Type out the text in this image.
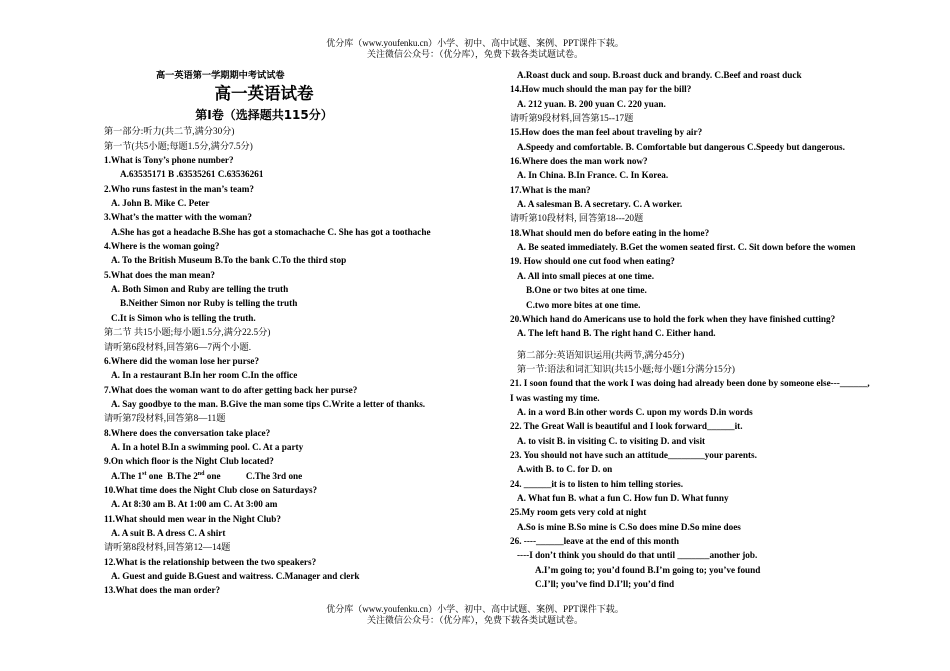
优分库（www.youfenku.cn）小学、初中、高中试题、案例、PPT课件下载。
关注微信公众号：（优分库），免费下载各类试题试卷。
高一英语第一学期期中考试试卷
高一英语试卷
第Ⅰ卷（选择题共115分）
第一部分:听力(共二节,满分30分)
第一节(共5小题;每题1.5分,满分7.5分)
1.What is Tony’s phone number?
A.63535171 B .63535261 C.63536261
2.Who runs fastest in the man’s team?
A. John B. Mike C. Peter
3.What’s the matter with the woman?
A.She has got a headache B.She has got a stomachache C. She has got a toothache
4.Where is the woman going?
A. To the British Museum B.To the bank C.To the third stop
5.What does the man mean?
A. Both Simon and Ruby are telling the truth
B.Neither Simon nor Ruby is telling the truth
C.It is Simon who is telling the truth.
第二节 共15小题;每小题1.5分,满分22.5分)
请听第6段材料,回答第6—7两个小题.
6.Where did the woman lose her purse?
A. In a restaurant B.In her room C.In the office
7.What does the woman want to do after getting back her purse?
A. Say goodbye to the man. B.Give the man some tips C.Write a letter of thanks.
请听第7段材料,回答第8—11题
8.Where does the conversation take place?
A. In a hotel B.In a swimming pool. C. At a party
9.On which floor is the Night Club located?
A.The 1st one  B.The 2nd one           C.The 3rd one
10.What time does the Night Club close on Saturdays?
A. At 8:30 am B. At 1:00 am C. At 3:00 am
11.What should men wear in the Night Club?
A. A suit B. A dress C. A shirt
请听第8段材料,回答第12—14题
12.What is the relationship between the two speakers?
A. Guest and guide B.Guest and waitress. C.Manager and clerk
13.What does the man order?
A.Roast duck and soup. B.roast duck and brandy. C.Beef and roast duck
14.How much should the man pay for the bill?
A. 212 yuan. B. 200 yuan C. 220 yuan.
请听第9段材料,回答第15--17题
15.How does the man feel about traveling by air?
A.Speedy and comfortable. B. Comfortable but dangerous C.Speedy but dangerous.
16.Where does the man work now?
A. In China. B.In France. C. In Korea.
17.What is the man?
A. A salesman B. A secretary. C. A worker.
请听第10段材料, 回答第18---20题
18.What should men do before eating in the home?
A. Be seated immediately. B.Get the women seated first. C. Sit down before the women
19. How should one cut food when eating?
A. All into small pieces at one time.
B.One or two bites at one time.
C.two more bites at one time.
20.Which hand do Americans use to hold the fork when they have finished cutting?
A. The left hand B. The right hand C. Either hand.
第二部分:英语知识运用(共两节,满分45分)
第一节:语法和词汇知识(共15小题;每小题1分满分15分)
21. I soon found that the work I was doing had already been done by someone else---______,
I was wasting my time.
A. in a word B.in other words C. upon my words D.in words
22. The Great Wall is beautiful and I look forward______it.
A. to visit B. in visiting C. to visiting D. and visit
23. You should not have such an attitude________your parents.
A.with B. to C. for D. on
24. ______it is to listen to him telling stories.
A. What fun B. what a fun C. How fun D. What funny
25.My room gets very cold at night
A.So is mine B.So mine is C.So does mine D.So mine does
26. ----______leave at the end of this month
----I don’t think you should do that until _______another job.
A.I’m going to; you’d found B.I’m going to; you’ve found
C.I’ll; you’ve find D.I’ll; you’d find
优分库（www.youfenku.cn）小学、初中、高中试题、案例、PPT课件下载。
关注微信公众号：（优分库），免费下载各类试题试卷。
